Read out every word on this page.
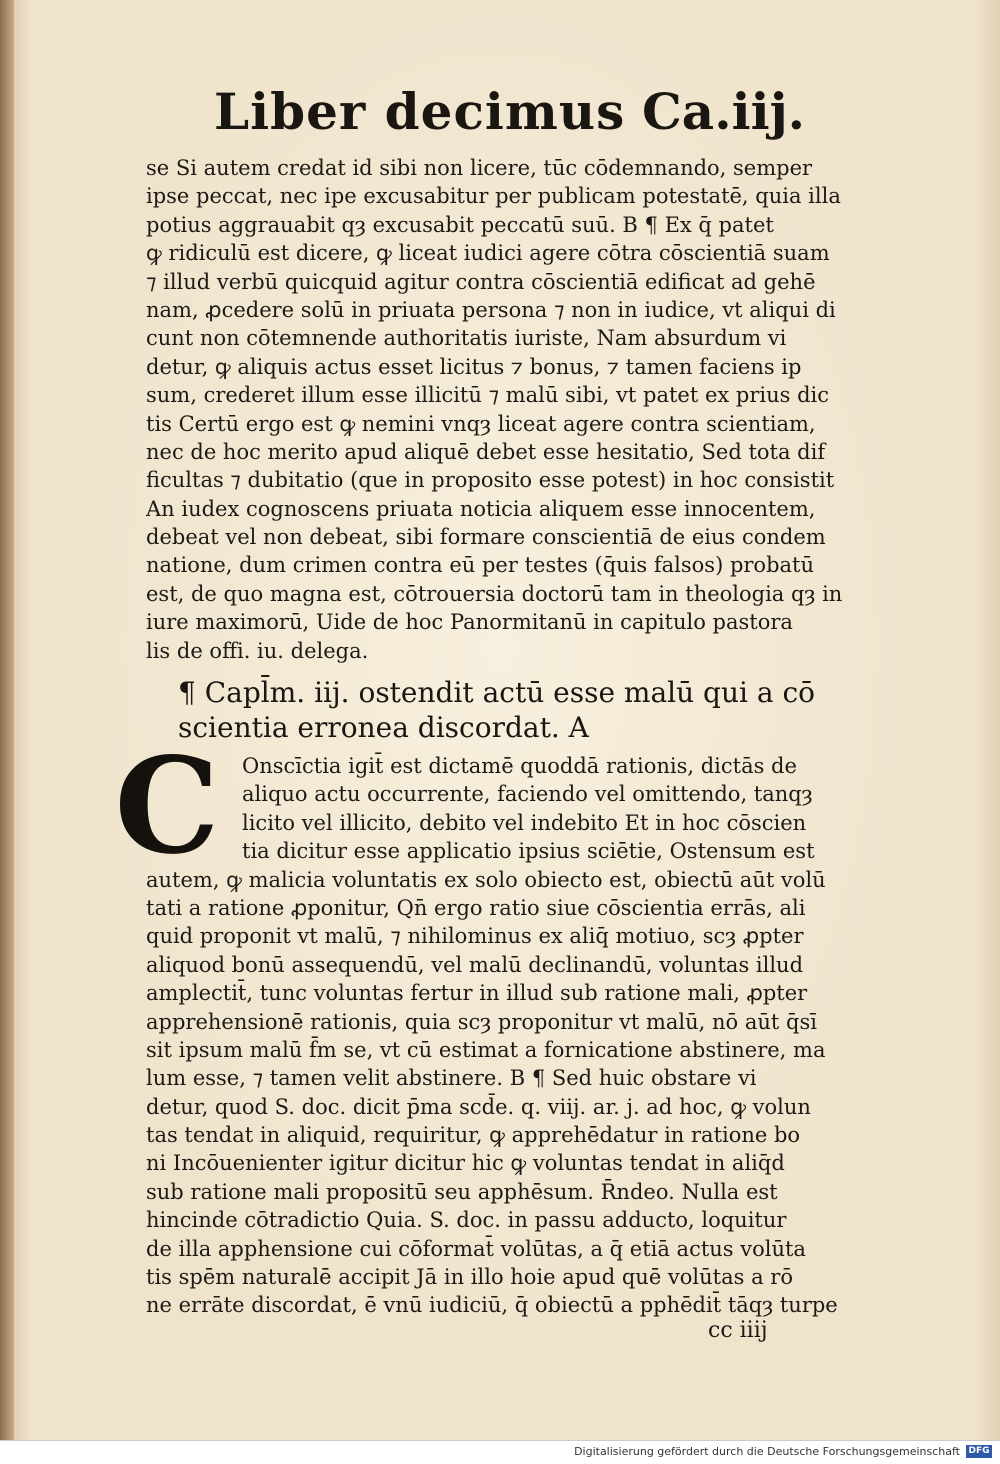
Liber decimus Ca.iij.
se Si autem credat id sibi non licere, tūc cōdemnando, semper
ipse peccat, nec ipe excusabitur per publicam potestatē, quia illa
potius aggrauabit qȝ excusabit peccatū suū. B ¶ Ex q̄ patet
ꝙ ridiculū est dicere, ꝙ liceat iudici agere cōtra cōscientiā suam
⁊ illud verbū quicquid agitur contra cōscientiā edificat ad gehē
nam, ꝓcedere solū in priuata persona ⁊ non in iudice, vt aliqui di
cunt non cōtemnende authoritatis iuriste, Nam absurdum vi
detur, ꝙ aliquis actus esset licitus ⁊ bonus, ⁊ tamen faciens ip
sum, crederet illum esse illicitū ⁊ malū sibi, vt patet ex prius dic
tis Certū ergo est ꝙ nemini vnqȝ liceat agere contra scientiam,
nec de hoc merito apud aliquē debet esse hesitatio, Sed tota dif
ficultas ⁊ dubitatio (que in proposito esse potest) in hoc consistit
An iudex cognoscens priuata noticia aliquem esse innocentem,
debeat vel non debeat, sibi formare conscientiā de eius condem
natione, dum crimen contra eū per testes (q̄uis falsos) probatū
est, de quo magna est, cōtrouersia doctorū tam in theologia qȝ in
iure maximorū, Uide de hoc Panormitanū in capitulo pastora
lis de offi. iu. delega.
¶ Capl̄m. iij. ostendit actū esse malū qui a cō
scientia erronea discordat. A
C	Onscīctia igit̄ est dictamē quoddā rationis, dictās de
aliquo actu occurrente, faciendo vel omittendo, tanqȝ
licito vel illicito, debito vel indebito Et in hoc cōscien
tia dicitur esse applicatio ipsius sciētie, Ostensum est
autem, ꝙ malicia voluntatis ex solo obiecto est, obiectū aūt volū
tati a ratione ꝓponitur, Qn̄ ergo ratio siue cōscientia errās, ali
quid proponit vt malū, ⁊ nihilominus ex aliq̄ motiuo, scȝ ꝓpter
aliquod bonū assequendū, vel malū declinandū, voluntas illud
amplectit̄, tunc voluntas fertur in illud sub ratione mali, ꝓpter
apprehensionē rationis, quia scȝ proponitur vt malū, nō aūt q̄sī
sit ipsum malū f̄m se, vt cū estimat a fornicatione abstinere, ma
lum esse, ⁊ tamen velit abstinere. B ¶ Sed huic obstare vi
detur, quod S. doc. dicit p̄ma scd̄e. q. viij. ar. j. ad hoc, ꝙ volun
tas tendat in aliquid, requiritur, ꝙ apprehēdatur in ratione bo
ni Incōuenienter igitur dicitur hic ꝙ voluntas tendat in aliq̄d
sub ratione mali propositū seu apphēsum. R̄ndeo. Nulla est
hincinde cōtradictio Quia. S. doc. in passu adducto, loquitur
de illa apphensione cui cōformat̄ volūtas, a q̄ etiā actus volūta
tis spēm naturalē accipit Jā in illo hoie apud quē volūtas a rō
ne errāte discordat, ē vnū iudiciū, q̄ obiectū a pphēdit̄ tāqȝ turpe
cc iiij
Digitalisierung gefördert durch die Deutsche Forschungsgemeinschaft DFG
